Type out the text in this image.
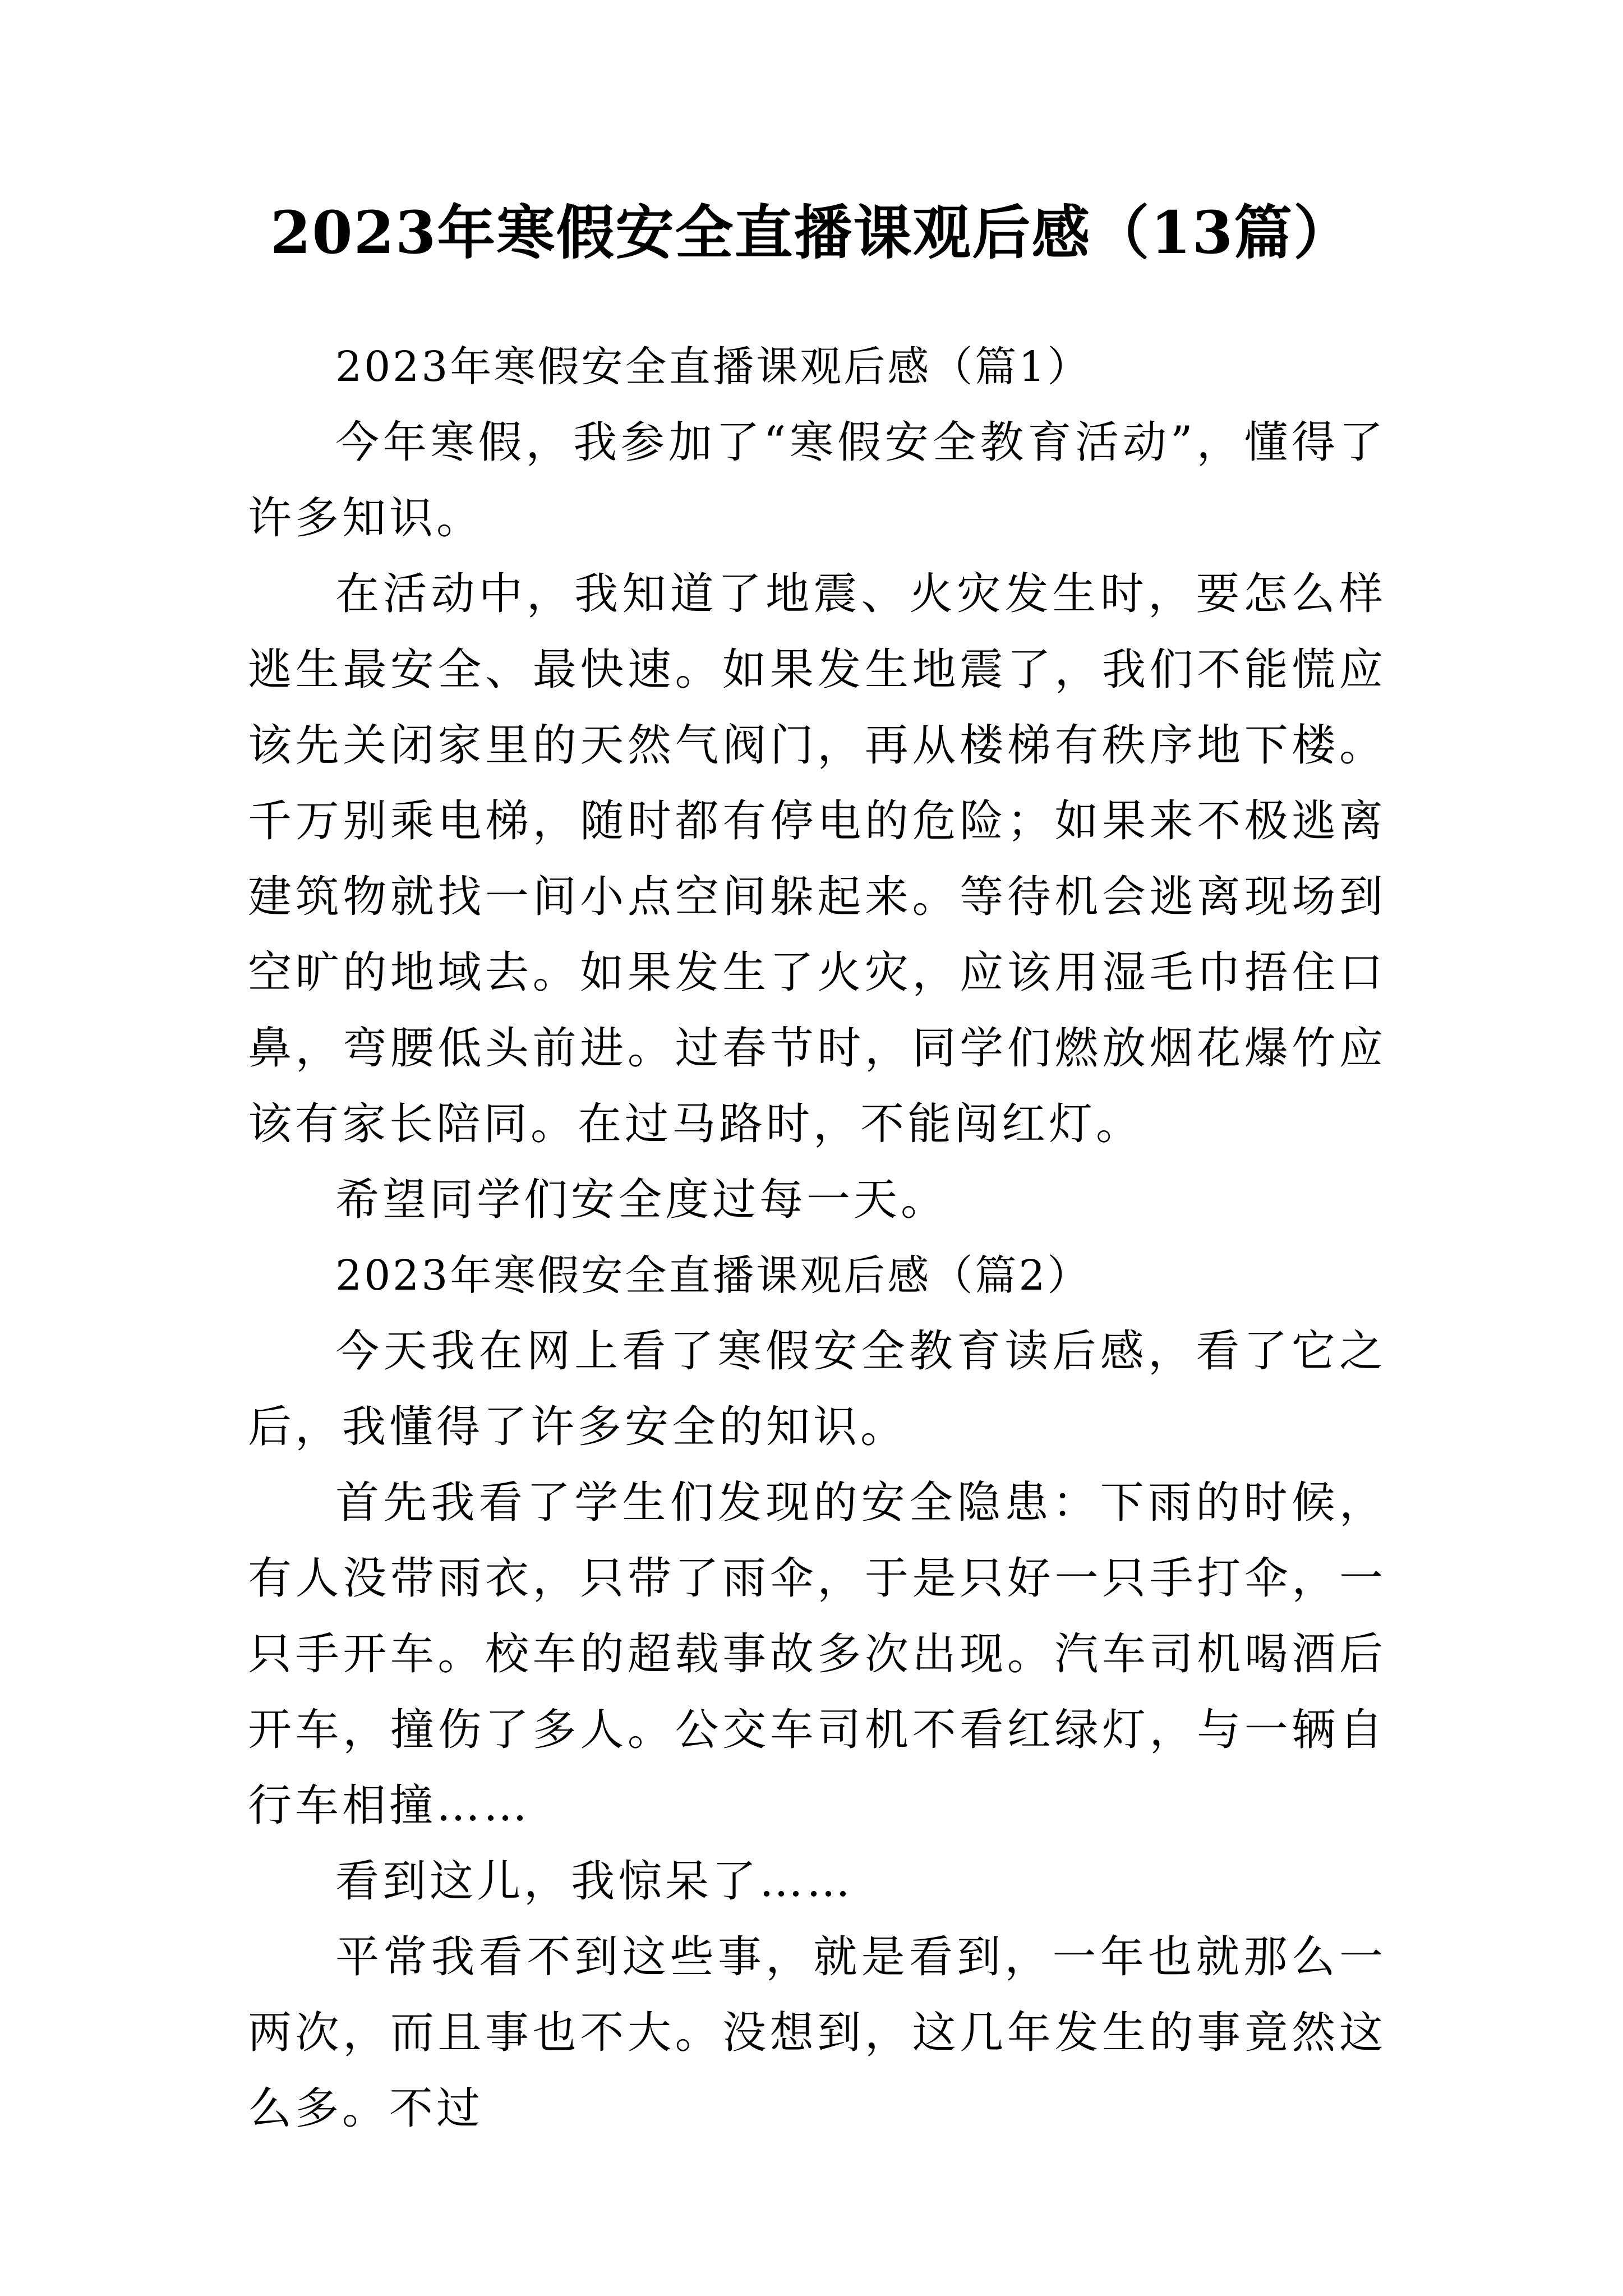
2023年寒假安全直播课观后感（13篇）

2023年寒假安全直播课观后感（篇1）

今年寒假，我参加了“寒假安全教育活动”，懂得了许多知识。

在活动中，我知道了地震、火灾发生时，要怎么样逃生最安全、最快速。如果发生地震了，我们不能慌应该先关闭家里的天然气阀门，再从楼梯有秩序地下楼。千万别乘电梯，随时都有停电的危险；如果来不极逃离建筑物就找一间小点空间躲起来。等待机会逃离现场到空旷的地域去。如果发生了火灾，应该用湿毛巾捂住口鼻，弯腰低头前进。过春节时，同学们燃放烟花爆竹应该有家长陪同。在过马路时，不能闯红灯。

希望同学们安全度过每一天。

2023年寒假安全直播课观后感（篇2）

今天我在网上看了寒假安全教育读后感，看了它之后，我懂得了许多安全的知识。

首先我看了学生们发现的安全隐患：下雨的时候，有人没带雨衣，只带了雨伞，于是只好一只手打伞，一只手开车。校车的超载事故多次出现。汽车司机喝酒后开车，撞伤了多人。公交车司机不看红绿灯，与一辆自行车相撞……

看到这儿，我惊呆了……

平常我看不到这些事，就是看到，一年也就那么一两次，而且事也不大。没想到，这几年发生的事竟然这么多。不过
